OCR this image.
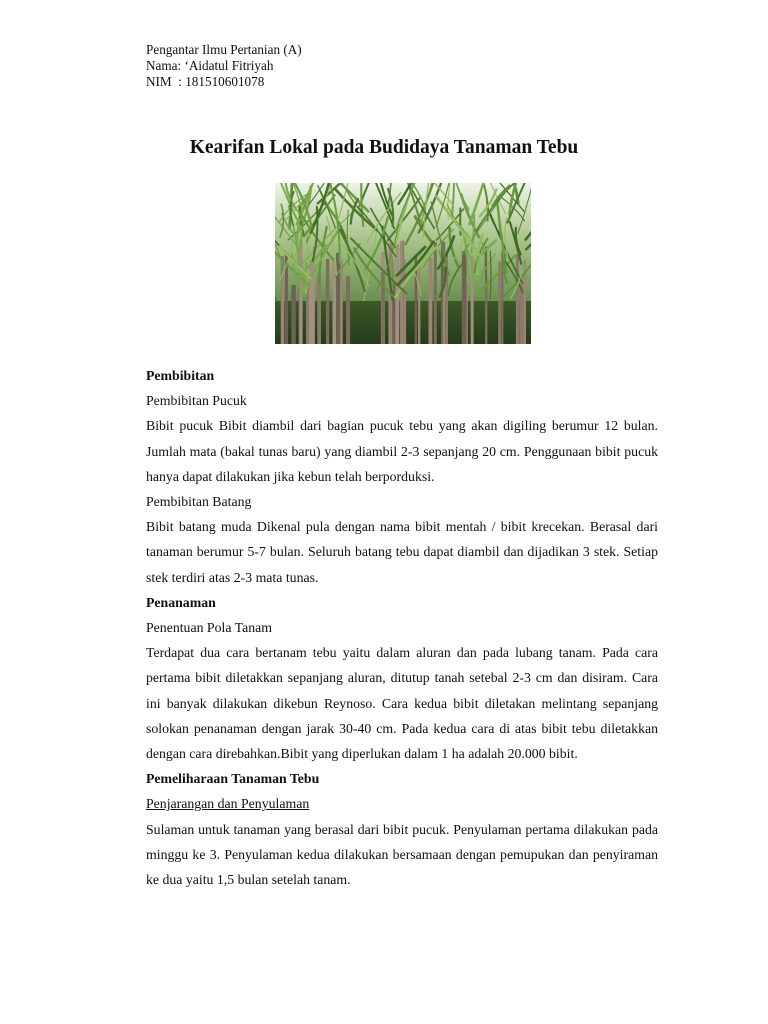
Pengantar Ilmu Pertanian (A)
Nama: ‘Aidatul Fitriyah
NIM  : 181510601078
Kearifan Lokal pada Budidaya Tanaman Tebu

Pembibitan

Pembibitan Pucuk

Bibit pucuk Bibit diambil dari bagian pucuk tebu yang akan digiling berumur 12 bulan. Jumlah mata (bakal tunas baru) yang diambil 2-3 sepanjang 20 cm. Penggunaan bibit pucuk hanya dapat dilakukan jika kebun telah berporduksi.

Pembibitan Batang

Bibit batang muda Dikenal pula dengan nama bibit mentah / bibit krecekan. Berasal dari tanaman berumur 5-7 bulan. Seluruh batang tebu dapat diambil dan dijadikan 3 stek. Setiap stek terdiri atas 2-3 mata tunas.

Penanaman

Penentuan Pola Tanam

Terdapat dua cara bertanam tebu yaitu dalam aluran dan pada lubang tanam. Pada cara pertama bibit diletakkan sepanjang aluran, ditutup tanah setebal 2-3 cm dan disiram. Cara ini banyak dilakukan dikebun Reynoso. Cara kedua bibit diletakan melintang sepanjang solokan penanaman dengan jarak 30-40 cm. Pada kedua cara di atas bibit tebu diletakkan dengan cara direbahkan.Bibit yang diperlukan dalam 1 ha adalah 20.000 bibit.

Pemeliharaan Tanaman Tebu

Penjarangan dan Penyulaman

Sulaman untuk tanaman yang berasal dari bibit pucuk. Penyulaman pertama dilakukan pada minggu ke 3. Penyulaman kedua dilakukan bersamaan dengan pemupukan dan penyiraman ke dua yaitu 1,5 bulan setelah tanam.
